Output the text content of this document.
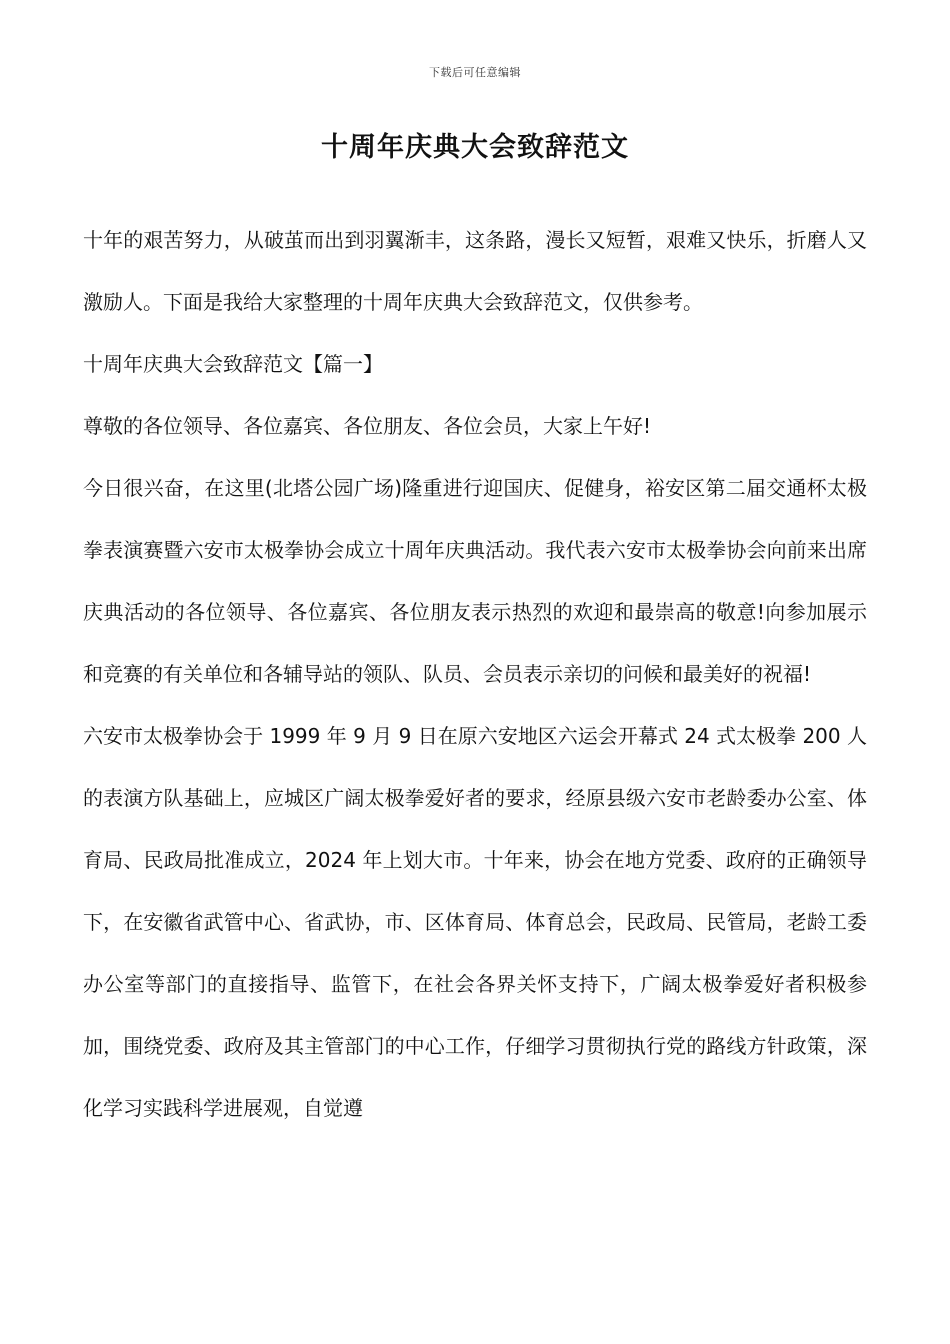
下载后可任意编辑
十周年庆典大会致辞范文

十年的艰苦努力，从破茧而出到羽翼渐丰，这条路，漫长又短暂，艰难又快乐，折磨人又激励人。下面是我给大家整理的十周年庆典大会致辞范文，仅供参考。

十周年庆典大会致辞范文【篇一】

尊敬的各位领导、各位嘉宾、各位朋友、各位会员，大家上午好!

今日很兴奋，在这里(北塔公园广场)隆重进行迎国庆、促健身，裕安区第二届交通杯太极拳表演赛暨六安市太极拳协会成立十周年庆典活动。我代表六安市太极拳协会向前来出席庆典活动的各位领导、各位嘉宾、各位朋友表示热烈的欢迎和最崇高的敬意!向参加展示和竞赛的有关单位和各辅导站的领队、队员、会员表示亲切的问候和最美好的祝福!

六安市太极拳协会于 1999 年 9 月 9 日在原六安地区六运会开幕式 24 式太极拳 200 人的表演方队基础上，应城区广阔太极拳爱好者的要求，经原县级六安市老龄委办公室、体育局、民政局批准成立，2024 年上划大市。十年来，协会在地方党委、政府的正确领导下，在安徽省武管中心、省武协，市、区体育局、体育总会，民政局、民管局，老龄工委办公室等部门的直接指导、监管下，在社会各界关怀支持下，广阔太极拳爱好者积极参加，围绕党委、政府及其主管部门的中心工作，仔细学习贯彻执行党的路线方针政策，深化学习实践科学进展观，自觉遵
